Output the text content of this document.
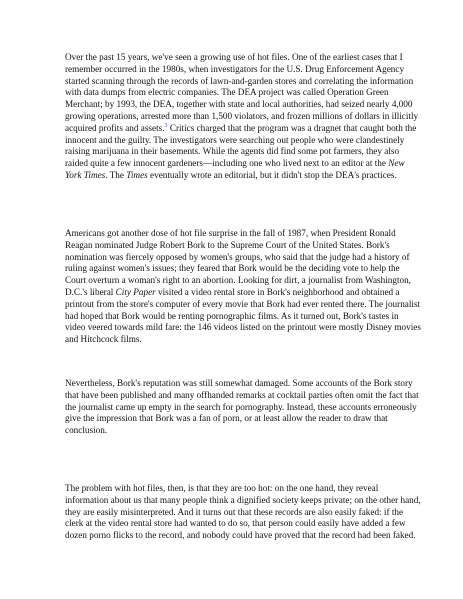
Over the past 15 years, we've seen a growing use of hot files. One of the earliest cases that I remember occurred in the 1980s, when investigators for the U.S. Drug Enforcement Agency started scanning through the records of lawn-and-garden stores and correlating the information with data dumps from electric companies. The DEA project was called Operation Green Merchant; by 1993, the DEA, together with state and local authorities, had seized nearly 4,000 growing operations, arrested more than 1,500 violators, and frozen millions of dollars in illicitly acquired profits and assets.$^3$ Critics charged that the program was a dragnet that caught both the innocent and the guilty. The investigators were searching out people who were clandestinely raising marijuana in their basements. While the agents did find some pot farmers, they also raided quite a few innocent gardeners—including one who lived next to an editor at the New York Times. The Times eventually wrote an editorial, but it didn't stop the DEA's practices.

Americans got another dose of hot file surprise in the fall of 1987, when President Ronald Reagan nominated Judge Robert Bork to the Supreme Court of the United States. Bork's nomination was fiercely opposed by women's groups, who said that the judge had a history of ruling against women's issues; they feared that Bork would be the deciding vote to help the Court overturn a woman's right to an abortion. Looking for dirt, a journalist from Washington, D.C.'s liberal City Paper visited a video rental store in Bork's neighborhood and obtained a printout from the store's computer of every movie that Bork had ever rented there. The journalist had hoped that Bork would be renting pornographic films. As it turned out, Bork's tastes in video veered towards mild fare: the 146 videos listed on the printout were mostly Disney movies and Hitchcock films.

Nevertheless, Bork's reputation was still somewhat damaged. Some accounts of the Bork story that have been published and many offhanded remarks at cocktail parties often omit the fact that the journalist came up empty in the search for pornography. Instead, these accounts erroneously give the impression that Bork was a fan of porn, or at least allow the reader to draw that conclusion.

The problem with hot files, then, is that they are too hot: on the one hand, they reveal information about us that many people think a dignified society keeps private; on the other hand, they are easily misinterpreted. And it turns out that these records are also easily faked: if the clerk at the video rental store had wanted to do so, that person could easily have added a few dozen porno flicks to the record, and nobody could have proved that the record had been faked.
